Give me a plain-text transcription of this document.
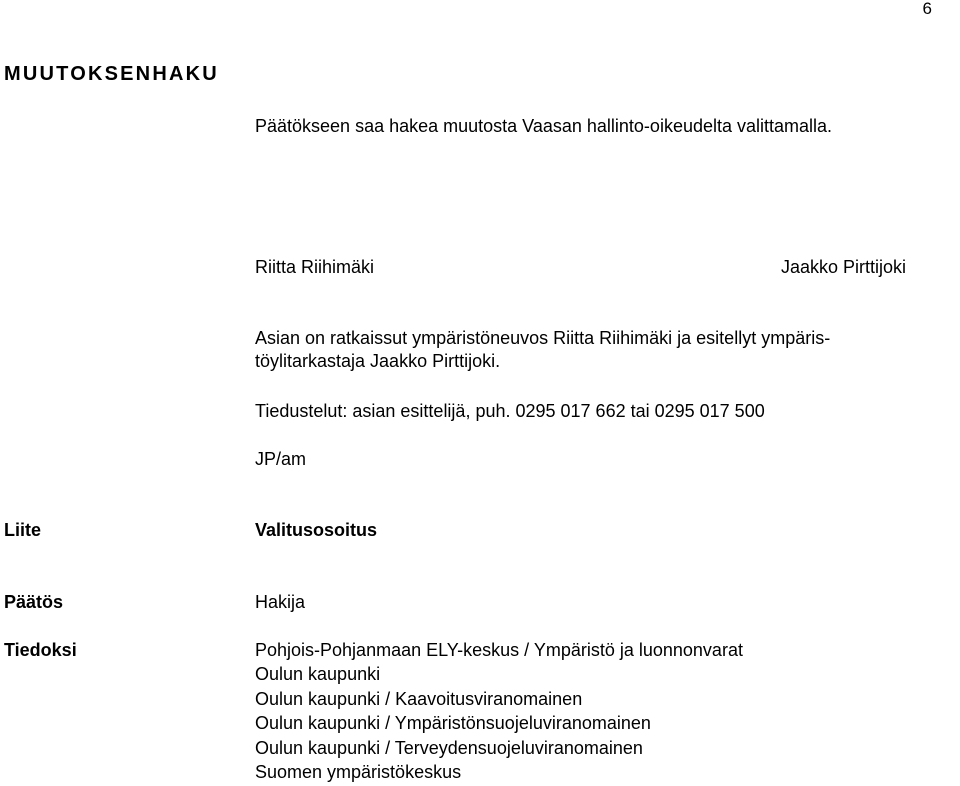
6
MUUTOKSENHAKU
Päätökseen saa hakea muutosta Vaasan hallinto-oikeudelta valittamalla.
Riitta Riihimäki	Jaakko Pirttijoki
Asian on ratkaissut ympäristöneuvos Riitta Riihimäki ja esitellyt ympäris-
töylitarkastaja Jaakko Pirttijoki.
Tiedustelut: asian esittelijä, puh. 0295 017 662 tai 0295 017 500
JP/am
Liite	Valitusosoitus
Päätös	Hakija
Tiedoksi	Pohjois-Pohjanmaan ELY-keskus / Ympäristö ja luonnonvarat
Oulun kaupunki
Oulun kaupunki / Kaavoitusviranomainen
Oulun kaupunki / Ympäristönsuojeluviranomainen
Oulun kaupunki / Terveydensuojeluviranomainen
Suomen ympäristökeskus
